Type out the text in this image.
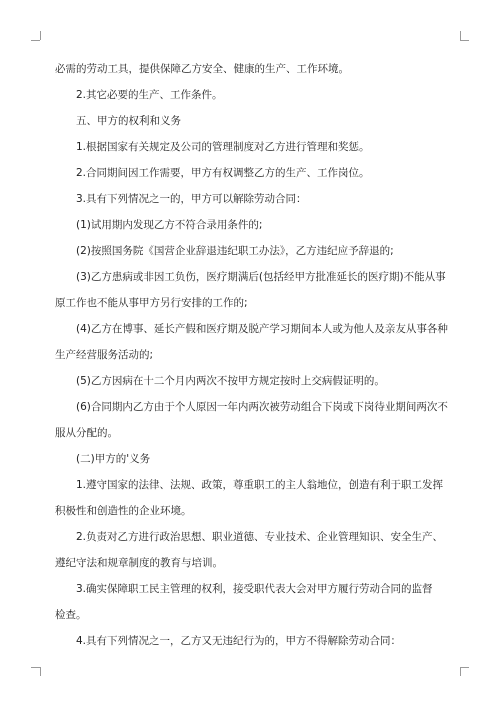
必需的劳动工具，提供保障乙方安全、健康的生产、工作环境。

2.其它必要的生产、工作条件。

五、甲方的权利和义务

1.根据国家有关规定及公司的管理制度对乙方进行管理和奖惩。

2.合同期间因工作需要，甲方有权调整乙方的生产、工作岗位。

3.具有下列情况之一的，甲方可以解除劳动合同：

(1)试用期内发现乙方不符合录用条件的;

(2)按照国务院《国营企业辞退违纪职工办法》，乙方违纪应予辞退的;

(3)乙方患病或非因工负伤，医疗期满后(包括经甲方批准延长的医疗期)不能从事

原工作也不能从事甲方另行安排的工作的;

(4)乙方在博事、延长产假和医疗期及脱产学习期间本人或为他人及亲友从事各种

生产经营服务活动的;

(5)乙方因病在十二个月内两次不按甲方规定按时上交病假证明的。

(6)合同期内乙方由于个人原因一年内两次被劳动组合下岗或下岗待业期间两次不

服从分配的。

(二)甲方的'义务

1.遵守国家的法律、法规、政策，尊重职工的主人翁地位，创造有利于职工发挥

积极性和创造性的企业环境。

2.负责对乙方进行政治思想、职业道德、专业技术、企业管理知识、安全生产、

遵纪守法和规章制度的教育与培训。

3.确实保障职工民主管理的权利，接受职代表大会对甲方履行劳动合同的监督

检查。

4.具有下列情况之一，乙方又无违纪行为的，甲方不得解除劳动合同：
